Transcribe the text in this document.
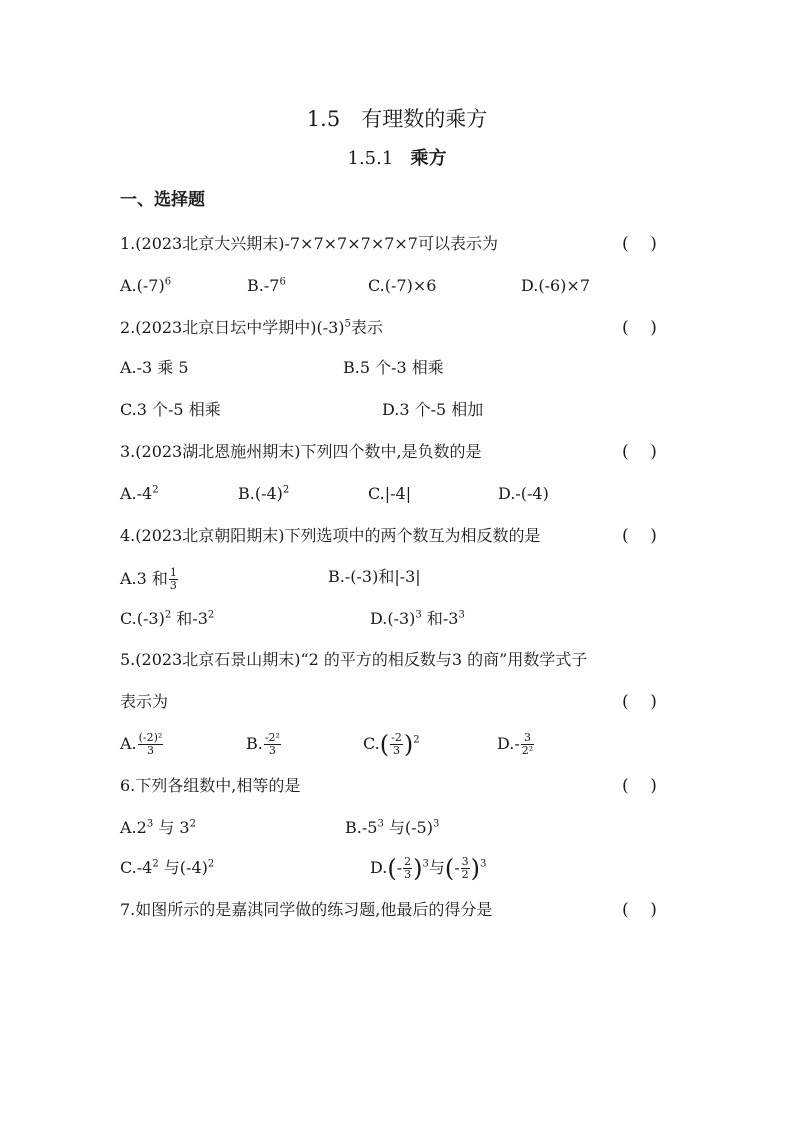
1.5　有理数的乘方
1.5.1 乘方
一、选择题
1.(2023北京大兴期末)-7×7×7×7×7×7可以表示为	(    )
$A.(-7)^6$	$B.-7^6$	C.(-7)×6	D.(-6)×7
2.(2023北京日坛中学期中)$(-3)^5$表示	(    )
A.-3 乘 5	B.5 个-3 相乘
C.3 个-5 相乘	D.3 个-5 相加
3.(2023湖北恩施州期末)下列四个数中,是负数的是	(    )
$A.-4^2$	$B.(-4)^2$	C.|-4|	D.-(-4)
4.(2023北京朝阳期末)下列选项中的两个数互为相反数的是	(    )
A.3 和 $\frac{1}{3}$	B.-(-3)和|-3|
$C.(-3)^2$ 和$-3^2$	$D.(-3)^3$ 和$-3^3$
5.(2023北京石景山期末)“2 的平方的相反数与3 的商”用数学式子
表示为	(    )
A. $\frac{\text{(-2)²}}{3}$	B. $\frac{\text{-2²}}{3}$	$C.( \frac{-2}{3} )^2$	$D.- \frac{3}{\text{2²}}$
6.下列各组数中,相等的是	(    )
$A.2^3$ 与 $3^2$	$B.-5^3$ 与$(-5)^3$
$C.-4^2$ 与$(-4)^2$	$D.(- \frac{2}{3} )^3$与(- $\frac{3}{2} )^3$
7.如图所示的是嘉淇同学做的练习题,他最后的得分是	(    )
